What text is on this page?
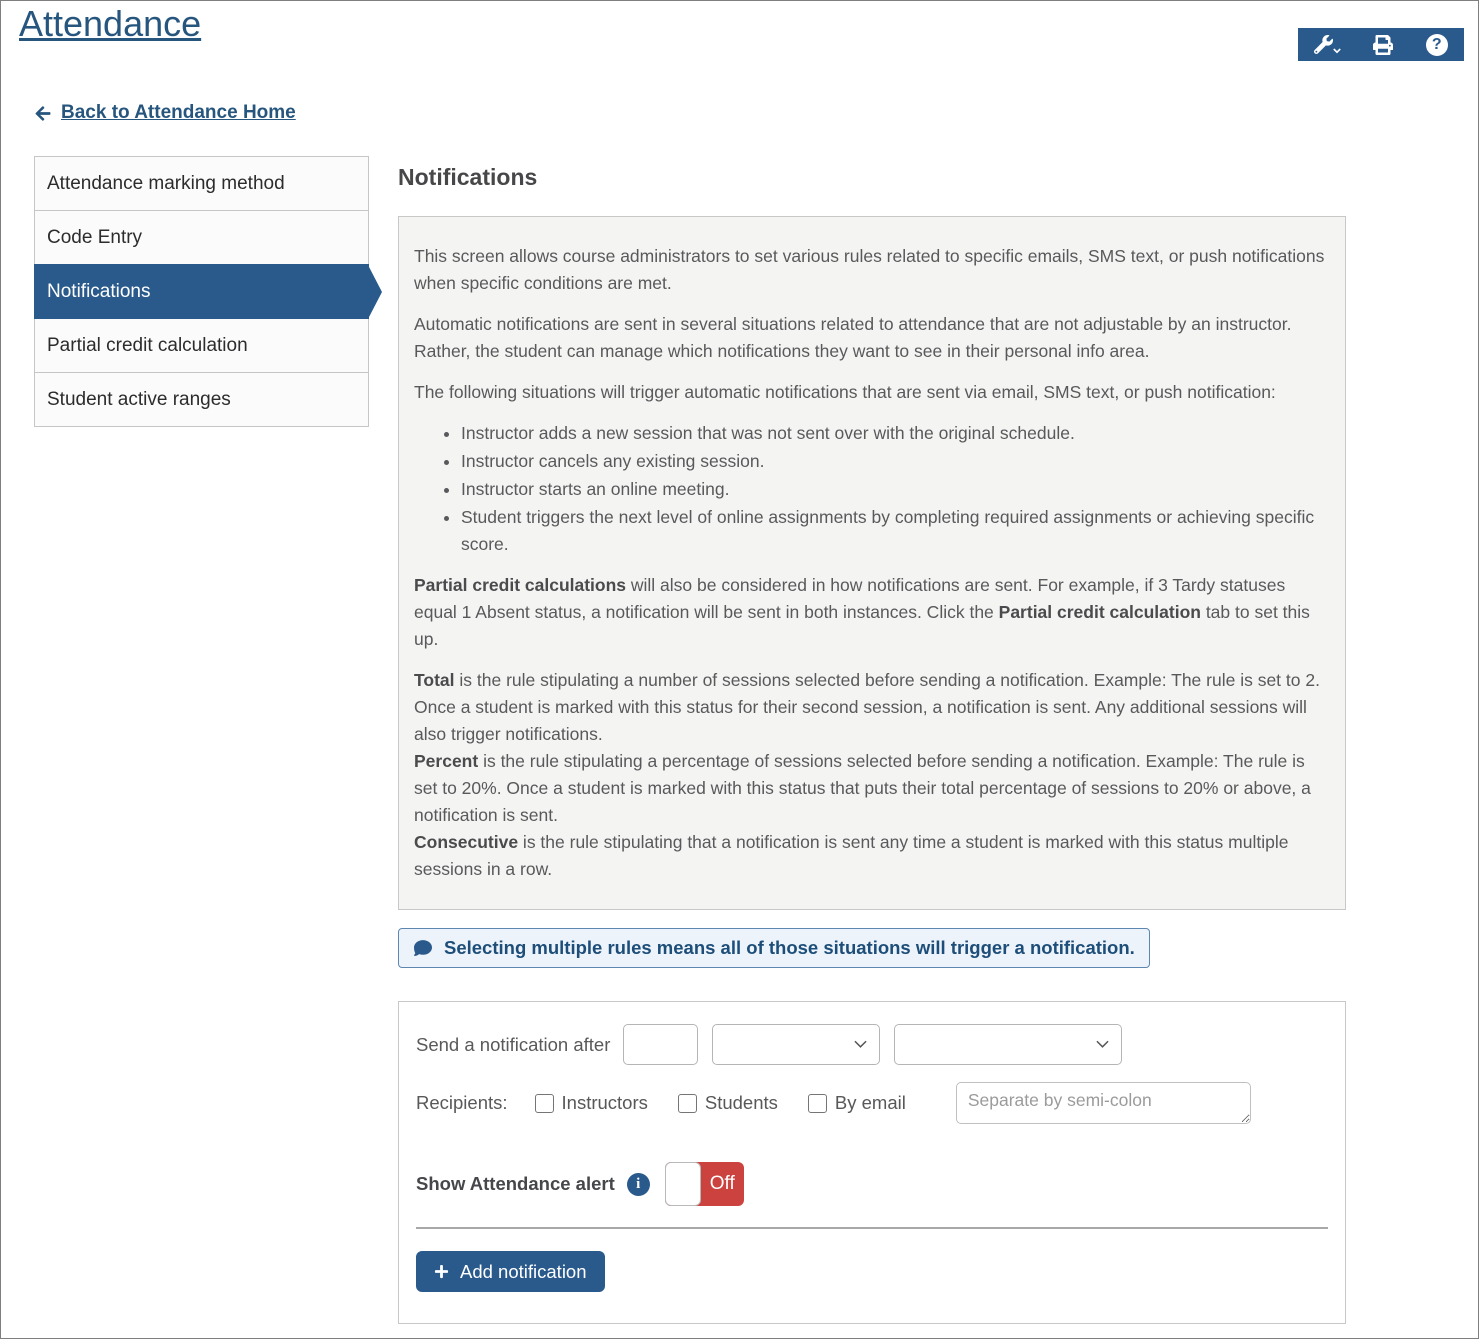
Attendance	?
Back to Attendance Home
Attendance marking method
Code Entry
Notifications
Partial credit calculation
Student active ranges
Notifications

This screen allows course administrators to set various rules related to specific emails, SMS text, or push notifications when specific conditions are met.

Automatic notifications are sent in several situations related to attendance that are not adjustable by an instructor. Rather, the student can manage which notifications they want to see in their personal info area.

The following situations will trigger automatic notifications that are sent via email, SMS text, or push notification:

• Instructor adds a new session that was not sent over with the original schedule.
• Instructor cancels any existing session.
• Instructor starts an online meeting.
• Student triggers the next level of online assignments by completing required assignments or achieving specific score.

Partial credit calculations will also be considered in how notifications are sent. For example, if 3 Tardy statuses equal 1 Absent status, a notification will be sent in both instances. Click the Partial credit calculation tab to set this up.

Total is the rule stipulating a number of sessions selected before sending a notification. Example: The rule is set to 2. Once a student is marked with this status for their second session, a notification is sent. Any additional sessions will also trigger notifications.

Percent is the rule stipulating a percentage of sessions selected before sending a notification. Example: The rule is set to 20%. Once a student is marked with this status that puts their total percentage of sessions to 20% or above, a notification is sent.

Consecutive is the rule stipulating that a notification is sent any time a student is marked with this status multiple sessions in a row.

Selecting multiple rules means all of those situations will trigger a notification.
Send a notification after
Recipients:	Instructors	Students	By email
Separate by semi-colon
Show Attendance alert	i	Off
Add notification
